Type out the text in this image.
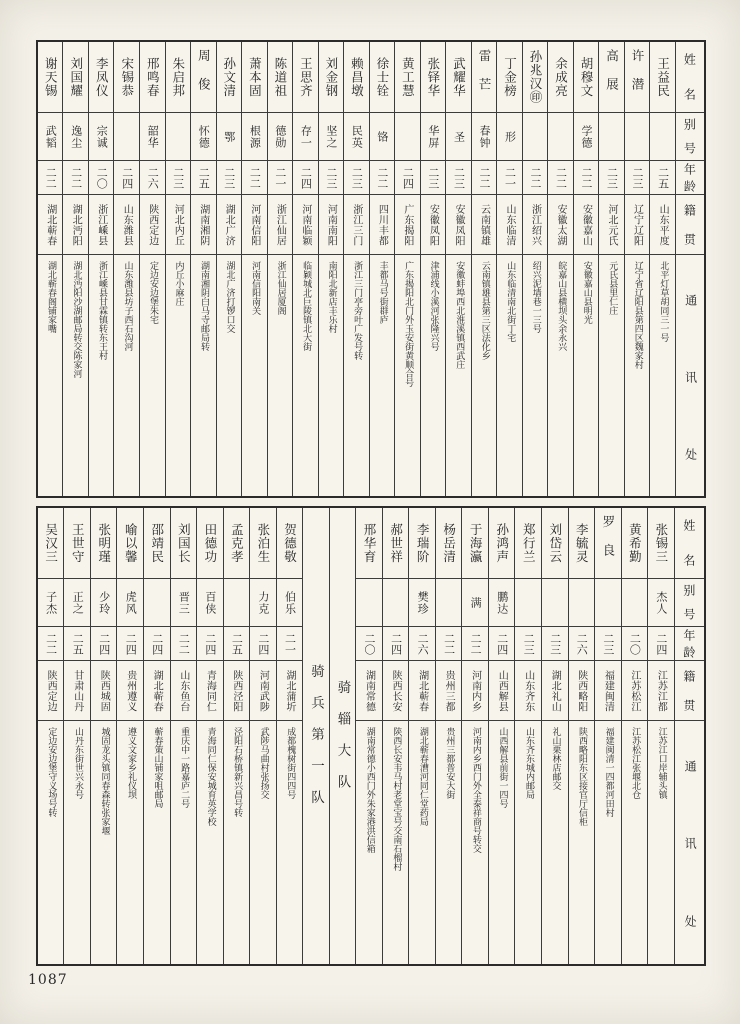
姓
名
别
号
年
龄
籍
贯
通
讯
处
王益民
二五
山东平度
北平灯草胡同三一号
许潜
二三
辽宁辽阳
辽宁省辽阳县第四区魏家村
高展
二三
河北元氏
元氏县里仁庄
胡穆文
学德
二二
安徽嘉山
安徽嘉山县明光
余成亮
二二
安徽太湖
皖嘉山县横坝头余永兴
孙兆汉㊞
二二
浙江绍兴
绍兴泥墙巷一三号
丁金榜
形
二一
山东临清
山东临清南北街丁宅
雷芒
春钟
二二
云南镇雄
云南镇雄县第三区法化乡
武耀华
圣
二三
安徽凤阳
安徽蚌埠西北淮溪镇西武庄
张铎华
华屏
二三
安徽凤阳
津浦线小溪河张隆兴号
黄工慧
二四
广东揭阳
广东揭阳北门外玉安街黄顺合号
徐士铨
铬
二二
四川丰都
丰都马号街群庐
赖昌墩
民英
二三
浙江三门
浙江三门亭旁叶广发号转
刘金钢
坚之
二三
河南南阳
南阳北新店丰乐村
王思齐
存一
二四
河南临颖
临颖城北巨陵镇北大街
陈道祖
德勋
二一
浙江仙居
浙江仙居厦阁
萧本固
根源
二二
河南信阳
河南信阳南关
孙文清
鄂
二三
湖北广济
湖北广济打锣口交
周俊
怀德
二五
湖南湘阴
湖南湘阴白马寺邮局转
朱启邦
二三
河北内丘
内丘小麻庄
邢鸣春
韶华
二六
陕西定边
定边安边堡朱宅
宋锡恭
二四
山东潍县
山东潍县坊子西石沟河
李凤仪
宗诚
二〇
浙江嵊县
浙江嵊县甘霖镇转东王村
刘国耀
逸尘
二二
湖北沔阳
湖北沔阳沙湖邮局转交陈家河
谢天锡
武韬
二二
湖北蕲春
湖北蕲春阁铺家嘴
姓
名
别
号
年
龄
籍
贯
通
讯
处
张锡三
杰人
二四
江苏江都
江苏江口岸辅头镇
黄希勤
二〇
江苏松江
江苏松江张堰北仓
罗良
二三
福建闽清
福建闽清一四都河田村
李毓灵
二六
陕西略阳
陕西略阳东区接官厅信柜
刘岱云
二三
湖北礼山
礼山栗林店邮交
郑行兰
二三
山东齐东
山东齐东城内邮局
孙鸿声
鹏达
二四
山西解县
山西解县前街一四号
于海瀛
满
二二
河南内乡
河南内乡西门外全泰祥商号转交
杨岳清
二二
贵州三都
贵州三都普安大街
李瑞阶
樊珍
二六
湖北蕲春
湖北蕲春漕河同仁堂药局
郝世祥
二四
陕西长安
陕西长安韦马村老堂宝号交南石榴村
邢华育
二〇
湖南常德
湖南常德小西门外朱家港洪信箱
骑辎大队
骑兵第一队
贺德敬
伯乐
二一
湖北蒲圻
成都槐树街四四号
张泊生
力克
二四
河南武陟
武陟马曲村张扬交
孟克孝
二五
陕西泾阳
泾阳石桥镇新兴昌号转
田德功
百侠
二四
青海同仁
青海同仁保安城育英学校
刘国长
晋三
二二
山东鱼台
重庆中一路嘉庐二号
邵靖民
二四
湖北蕲春
蕲春策山铺家咀邮局
喻以馨
虎风
二四
贵州遵义
遵义文家乡礼仪坝
张明瑾
少玲
二四
陕西城固
城固龙头镇同春森转张家堰
王世守
正之
二五
甘肃山丹
山丹东街世兴永号
吴汉三
子杰
二二
陕西定边
定边安边堡守义场号转
1087
